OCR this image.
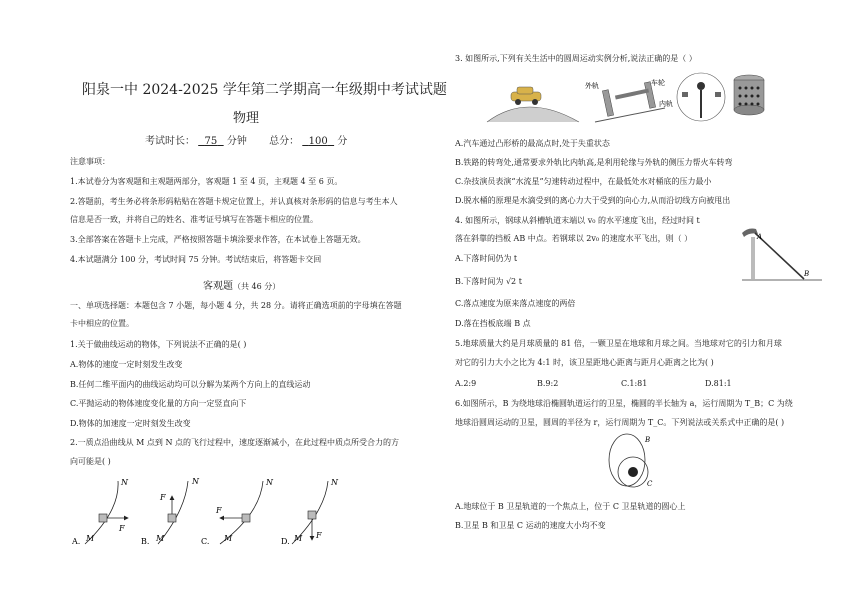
阳泉一中 2024-2025 学年第二学期高一年级期中考试试题
物理
考试时长： 75 分钟 总分： 100 分
注意事项：
1.本试卷分为客观题和主观题两部分，客观题 1 至 4 页，主观题 4 至 6 页。
2.答题前，考生务必将条形码粘贴在答题卡规定位置上，并认真核对条形码的信息与考生本人
信息是否一致，并将自己的姓名、准考证号填写在答题卡相应的位置。
3.全部答案在答题卡上完成，严格按照答题卡填涂要求作答，在本试卷上答题无效。
4.本试题满分 100 分，考试时间 75 分钟。考试结束后，将答题卡交回
客观题（共 46 分）
一、单项选择题：本题包含 7 小题，每小题 4 分，共 28 分。请将正确选项前的字母填在答题
卡中相应的位置。
1.关于做曲线运动的物体，下列说法不正确的是( )
A.物体的速度一定时刻发生改变
B.任何二维平面内的曲线运动均可以分解为某两个方向上的直线运动
C.平抛运动的物体速度变化量的方向一定竖直向下
D.物体的加速度一定时刻发生改变
2.一质点沿曲线从 M 点到 N 点的飞行过程中，速度逐渐减小，在此过程中质点所受合力的方
向可能是( )
N
F
M
A.
N
F
M
B.
N
F
M
C.
N
F
M
D.
3. 如图所示,下列有关生活中的圆周运动实例分析,说法正确的是（ ）
外轨	车轮
内轨
A.汽车通过凸形桥的最高点时,处于失重状态
B.铁路的转弯处,通常要求外轨比内轨高,是利用轮缘与外轨的侧压力帮火车转弯
C.杂技演员表演“水流星”匀速转动过程中，在最低处水对桶底的压力最小
D.脱水桶的原理是水滴受到的离心力大于受到的向心力,从而沿切线方向被甩出
4. 如图所示，钢球从斜槽轨道末端以 v₀ 的水平速度飞出，经过时间 t
落在斜靠的挡板 AB 中点。若钢球以 2v₀ 的速度水平飞出，则（ ）	A
B
A.下落时间仍为 t
B.下落时间为 √2 t
C.落点速度为原来落点速度的两倍
D.落在挡板底端 B 点
5.地球质量大约是月球质量的 81 倍，一颗卫星在地球和月球之间。当地球对它的引力和月球
对它的引力大小之比为 4:1 时，该卫星距地心距离与距月心距离之比为( )
A.2:9	B.9:2	C.1:81	D.81:1
6.如图所示，B 为绕地球沿椭圆轨道运行的卫星，椭圆的半长轴为 a，运行周期为 T_B；C 为绕
地球沿圆周运动的卫星，圆周的半径为 r，运行周期为 T_C。下列说法或关系式中正确的是( )
B
C
A.地球位于 B 卫星轨道的一个焦点上，位于 C 卫星轨道的圆心上
B.卫星 B 和卫星 C 运动的速度大小均不变
